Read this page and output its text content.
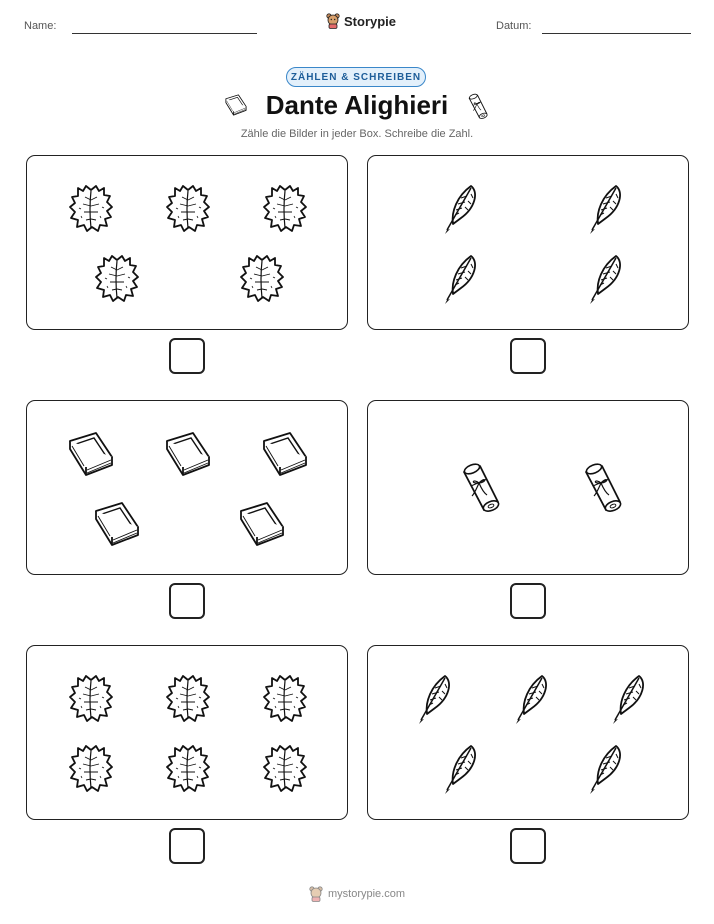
Name:	Storypie	Datum:
ZÄHLEN & SCHREIBEN
Dante Alighieri
Zähle die Bilder in jeder Box. Schreibe die Zahl.
mystorypie.com
